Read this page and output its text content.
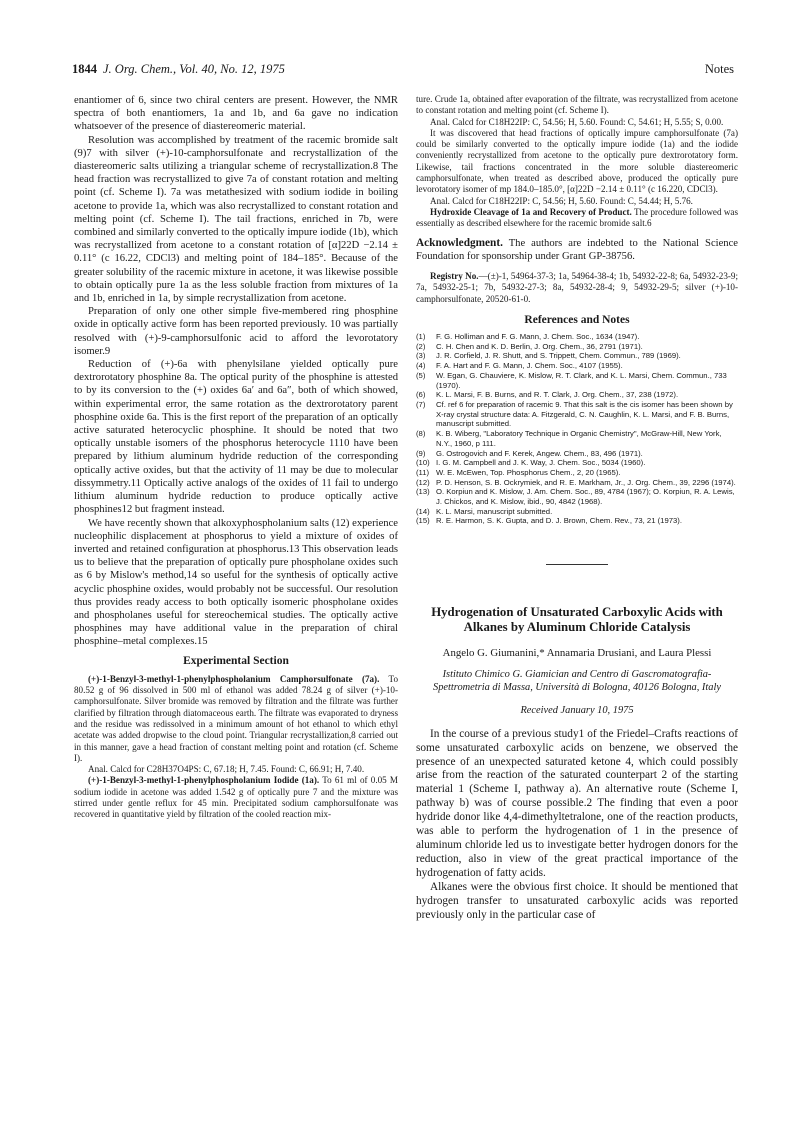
1844 J. Org. Chem., Vol. 40, No. 12, 1975	Notes

enantiomer of 6, since two chiral centers are present. However, the NMR spectra of both enantiomers, 1a and 1b, and 6a gave no indication whatsoever of the presence of diastereomeric material.

Resolution was accomplished by treatment of the racemic bromide salt (9)7 with silver (+)-10-camphorsulfonate and recrystallization of the diastereomeric salts utilizing a triangular scheme of recrystallization.8 The head fraction was recrystallized to give 7a of constant rotation and melting point (cf. Scheme I). 7a was metathesized with sodium iodide in boiling acetone to provide 1a, which was also recrystallized to constant rotation and melting point (cf. Scheme I). The tail fractions, enriched in 7b, were combined and similarly converted to the optically impure iodide (1b), which was recrystallized from acetone to a constant rotation of [α]22D −2.14 ± 0.11° (c 16.22, CDCl3) and melting point of 184–185°. Because of the greater solubility of the racemic mixture in acetone, it was likewise possible to obtain optically pure 1a as the less soluble fraction from mixtures of 1a and 1b, enriched in 1a, by simple recrystallization from acetone.

Preparation of only one other simple five-membered ring phosphine oxide in optically active form has been reported previously. 10 was partially resolved with (+)-9-camphorsulfonic acid to afford the levorotatory isomer.9

Reduction of (+)-6a with phenylsilane yielded optically pure dextrorotatory phosphine 8a. The optical purity of the phosphine is attested to by its conversion to the (+) oxides 6a′ and 6a″, both of which showed, within experimental error, the same rotation as the dextrorotatory parent phosphine oxide 6a. This is the first report of the preparation of an optically active saturated heterocyclic phosphine. It should be noted that two optically unstable isomers of the phosphorus heterocycle 1110 have been prepared by lithium aluminum hydride reduction of the corresponding optically active oxides, but that the activity of 11 may be due to molecular dissymmetry.11 Optically active analogs of the oxides of 11 fail to undergo lithium aluminum hydride reduction to produce optically active phosphines12 but fragment instead.

We have recently shown that alkoxyphospholanium salts (12) experience nucleophilic displacement at phosphorus to yield a mixture of oxides of inverted and retained configuration at phosphorus.13 This observation leads us to believe that the preparation of optically pure phospholane oxides such as 6 by Mislow's method,14 so useful for the synthesis of optically active acyclic phosphine oxides, would probably not be successful. Our resolution thus provides ready access to both optically isomeric phospholane oxides and phospholanes useful for stereochemical studies. The optically active phosphines may have additional value in the preparation of chiral phosphine–metal complexes.15

Experimental Section

(+)-1-Benzyl-3-methyl-1-phenylphospholanium Camphorsulfonate (7a). To 80.52 g of 96 dissolved in 500 ml of ethanol was added 78.24 g of silver (+)-10-camphorsulfonate. Silver bromide was removed by filtration and the filtrate was further clarified by filtration through diatomaceous earth. The filtrate was evaporated to dryness and the residue was redissolved in a minimum amount of hot ethanol to which ethyl acetate was added dropwise to the cloud point. Triangular recrystallization,8 carried out in this manner, gave a head fraction of constant melting point and rotation (cf. Scheme I).

Anal. Calcd for C28H37O4PS: C, 67.18; H, 7.45. Found: C, 66.91; H, 7.40.

(+)-1-Benzyl-3-methyl-1-phenylphospholanium Iodide (1a). To 61 ml of 0.05 M sodium iodide in acetone was added 1.542 g of optically pure 7 and the mixture was stirred under gentle reflux for 45 min. Precipitated sodium camphorsulfonate was recovered in quantitative yield by filtration of the cooled reaction mix-

ture. Crude 1a, obtained after evaporation of the filtrate, was recrystallized from acetone to constant rotation and melting point (cf. Scheme I).

Anal. Calcd for C18H22IP: C, 54.56; H, 5.60. Found: C, 54.61; H, 5.55; S, 0.00.

It was discovered that head fractions of optically impure camphorsulfonate (7a) could be similarly converted to the optically impure iodide (1a) and the iodide conveniently recrystallized from acetone to the optically pure dextrorotatory form. Likewise, tail fractions concentrated in the more soluble diastereomeric camphorsulfonate, when treated as described above, produced the optically pure levorotatory isomer of mp 184.0–185.0°, [α]22D −2.14 ± 0.11° (c 16.220, CDCl3).

Anal. Calcd for C18H22IP: C, 54.56; H, 5.60. Found: C, 54.44; H, 5.76.

Hydroxide Cleavage of 1a and Recovery of Product. The procedure followed was essentially as described elsewhere for the racemic bromide salt.6

Acknowledgment. The authors are indebted to the National Science Foundation for sponsorship under Grant GP-38756.

Registry No.—(±)-1, 54964-37-3; 1a, 54964-38-4; 1b, 54932-22-8; 6a, 54932-23-9; 7a, 54932-25-1; 7b, 54932-27-3; 8a, 54932-28-4; 9, 54932-29-5; silver (+)-10-camphorsulfonate, 20520-61-0.

References and Notes
(1) F. G. Holliman and F. G. Mann, J. Chem. Soc., 1634 (1947).
(2) C. H. Chen and K. D. Berlin, J. Org. Chem., 36, 2791 (1971).
(3) J. R. Corfield, J. R. Shutt, and S. Trippett, Chem. Commun., 789 (1969).
(4) F. A. Hart and F. G. Mann, J. Chem. Soc., 4107 (1955).
(5) W. Egan, G. Chauviere, K. Mislow, R. T. Clark, and K. L. Marsi, Chem. Commun., 733 (1970).
(6) K. L. Marsi, F. B. Burns, and R. T. Clark, J. Org. Chem., 37, 238 (1972).
(7) Cf. ref 6 for preparation of racemic 9. That this salt is the cis isomer has been shown by X-ray crystal structure data: A. Fitzgerald, C. N. Caughlin, K. L. Marsi, and F. B. Burns, manuscript submitted.
(8) K. B. Wiberg, "Laboratory Technique in Organic Chemistry", McGraw-Hill, New York, N.Y., 1960, p 111.
(9) G. Ostrogovich and F. Kerek, Angew. Chem., 83, 496 (1971).
(10) I. G. M. Campbell and J. K. Way, J. Chem. Soc., 5034 (1960).
(11) W. E. McEwen, Top. Phosphorus Chem., 2, 20 (1965).
(12) P. D. Henson, S. B. Ockrymiek, and R. E. Markham, Jr., J. Org. Chem., 39, 2296 (1974).
(13) O. Korpiun and K. Mislow, J. Am. Chem. Soc., 89, 4784 (1967); O. Korpiun, R. A. Lewis, J. Chickos, and K. Mislow, ibid., 90, 4842 (1968).
(14) K. L. Marsi, manuscript submitted.
(15) R. E. Harmon, S. K. Gupta, and D. J. Brown, Chem. Rev., 73, 21 (1973).
Hydrogenation of Unsaturated Carboxylic Acids with Alkanes by Aluminum Chloride Catalysis
Angelo G. Giumanini,* Annamaria Drusiani, and Laura Plessi
Istituto Chimico G. Giamician and Centro di Gascromatografia-Spettrometria di Massa, Università di Bologna, 40126 Bologna, Italy
Received January 10, 1975

In the course of a previous study1 of the Friedel–Crafts reactions of some unsaturated carboxylic acids on benzene, we observed the presence of an unexpected saturated ketone 4, which could possibly arise from the reaction of the saturated counterpart 2 of the starting material 1 (Scheme I, pathway a). An alternative route (Scheme I, pathway b) was of course possible.2 The finding that even a poor hydride donor like 4,4-dimethyltetralone, one of the reaction products, was able to perform the hydrogenation of 1 in the presence of aluminum chloride led us to investigate better hydrogen donors for the reduction, also in view of the great practical importance of the hydrogenation of fatty acids.

Alkanes were the obvious first choice. It should be mentioned that hydrogen transfer to unsaturated carboxylic acids was reported previously only in the particular case of
